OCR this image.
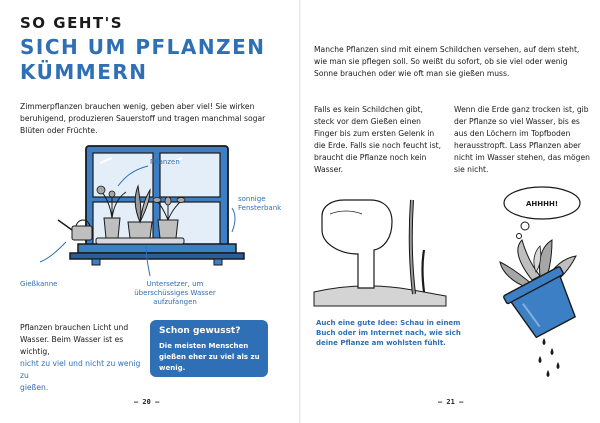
SO GEHT'S
SICH UM PFLANZEN
KÜMMERN
Zimmerpflanzen brauchen wenig, geben aber viel! Sie wirken beruhigend, produzieren Sauerstoff und tragen manchmal sogar Blüten oder Früchte.
Pflanzen
sonnige
Fensterbank
Gießkanne	Untersetzer, um
überschüssiges Wasser
aufzufangen
Pflanzen brauchen Licht und
Wasser. Beim Wasser ist es wichtig,
nicht zu viel und nicht zu wenig zu
gießen.
Schon gewusst?
Die meisten Menschen gießen eher zu viel als zu wenig.
– 20 –
Manche Pflanzen sind mit einem Schildchen versehen, auf dem steht, wie man sie pflegen soll. So weißt du sofort, ob sie viel oder wenig Sonne brauchen oder wie oft man sie gießen muss.
Falls es kein Schildchen gibt, steck vor dem Gießen einen Finger bis zum ersten Gelenk in die Erde. Falls sie noch feucht ist, braucht die Pflanze noch kein Wasser.
Wenn die Erde ganz trocken ist, gib der Pflanze so viel Wasser, bis es aus den Löchern im Topfboden herausstropft. Lass Pflanzen aber nicht im Wasser stehen, das mögen sie nicht.
AHHHH!
Auch eine gute Idee: Schau in einem Buch oder im Internet nach, wie sich deine Pflanze am wohlsten fühlt.
– 21 –
